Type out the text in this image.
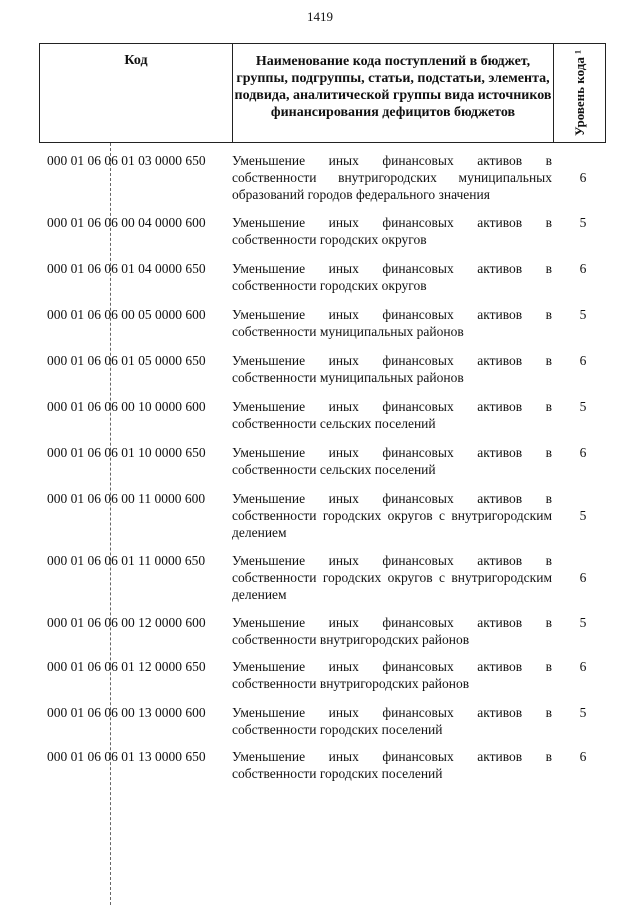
1419
Код	Наименование кода поступлений в бюджет, группы, подгруппы, статьи, подстатьи, элемента, подвида, аналитической группы вида источников финансирования дефицитов бюджетов	Уровень кода ¹
000 01 06 06 01 03 0000 650 Уменьшение иных финансовых активов в собственности внутригородских муниципальных образований городов федерального значения
6
000 01 06 06 00 04 0000 600 Уменьшение иных финансовых активов в собственности городских округов
5
000 01 06 06 01 04 0000 650 Уменьшение иных финансовых активов в собственности городских округов
6
000 01 06 06 00 05 0000 600 Уменьшение иных финансовых активов в собственности муниципальных районов
5
000 01 06 06 01 05 0000 650 Уменьшение иных финансовых активов в собственности муниципальных районов
6
000 01 06 06 00 10 0000 600 Уменьшение иных финансовых активов в собственности сельских поселений
5
000 01 06 06 01 10 0000 650 Уменьшение иных финансовых активов в собственности сельских поселений
6
000 01 06 06 00 11 0000 600 Уменьшение иных финансовых активов в собственности городских округов с внутригородским делением
5
000 01 06 06 01 11 0000 650 Уменьшение иных финансовых активов в собственности городских округов с внутригородским делением
6
000 01 06 06 00 12 0000 600 Уменьшение иных финансовых активов в собственности внутригородских районов
5
000 01 06 06 01 12 0000 650 Уменьшение иных финансовых активов в собственности внутригородских районов
6
000 01 06 06 00 13 0000 600 Уменьшение иных финансовых активов в собственности городских поселений
5
000 01 06 06 01 13 0000 650 Уменьшение иных финансовых активов в собственности городских поселений
6
